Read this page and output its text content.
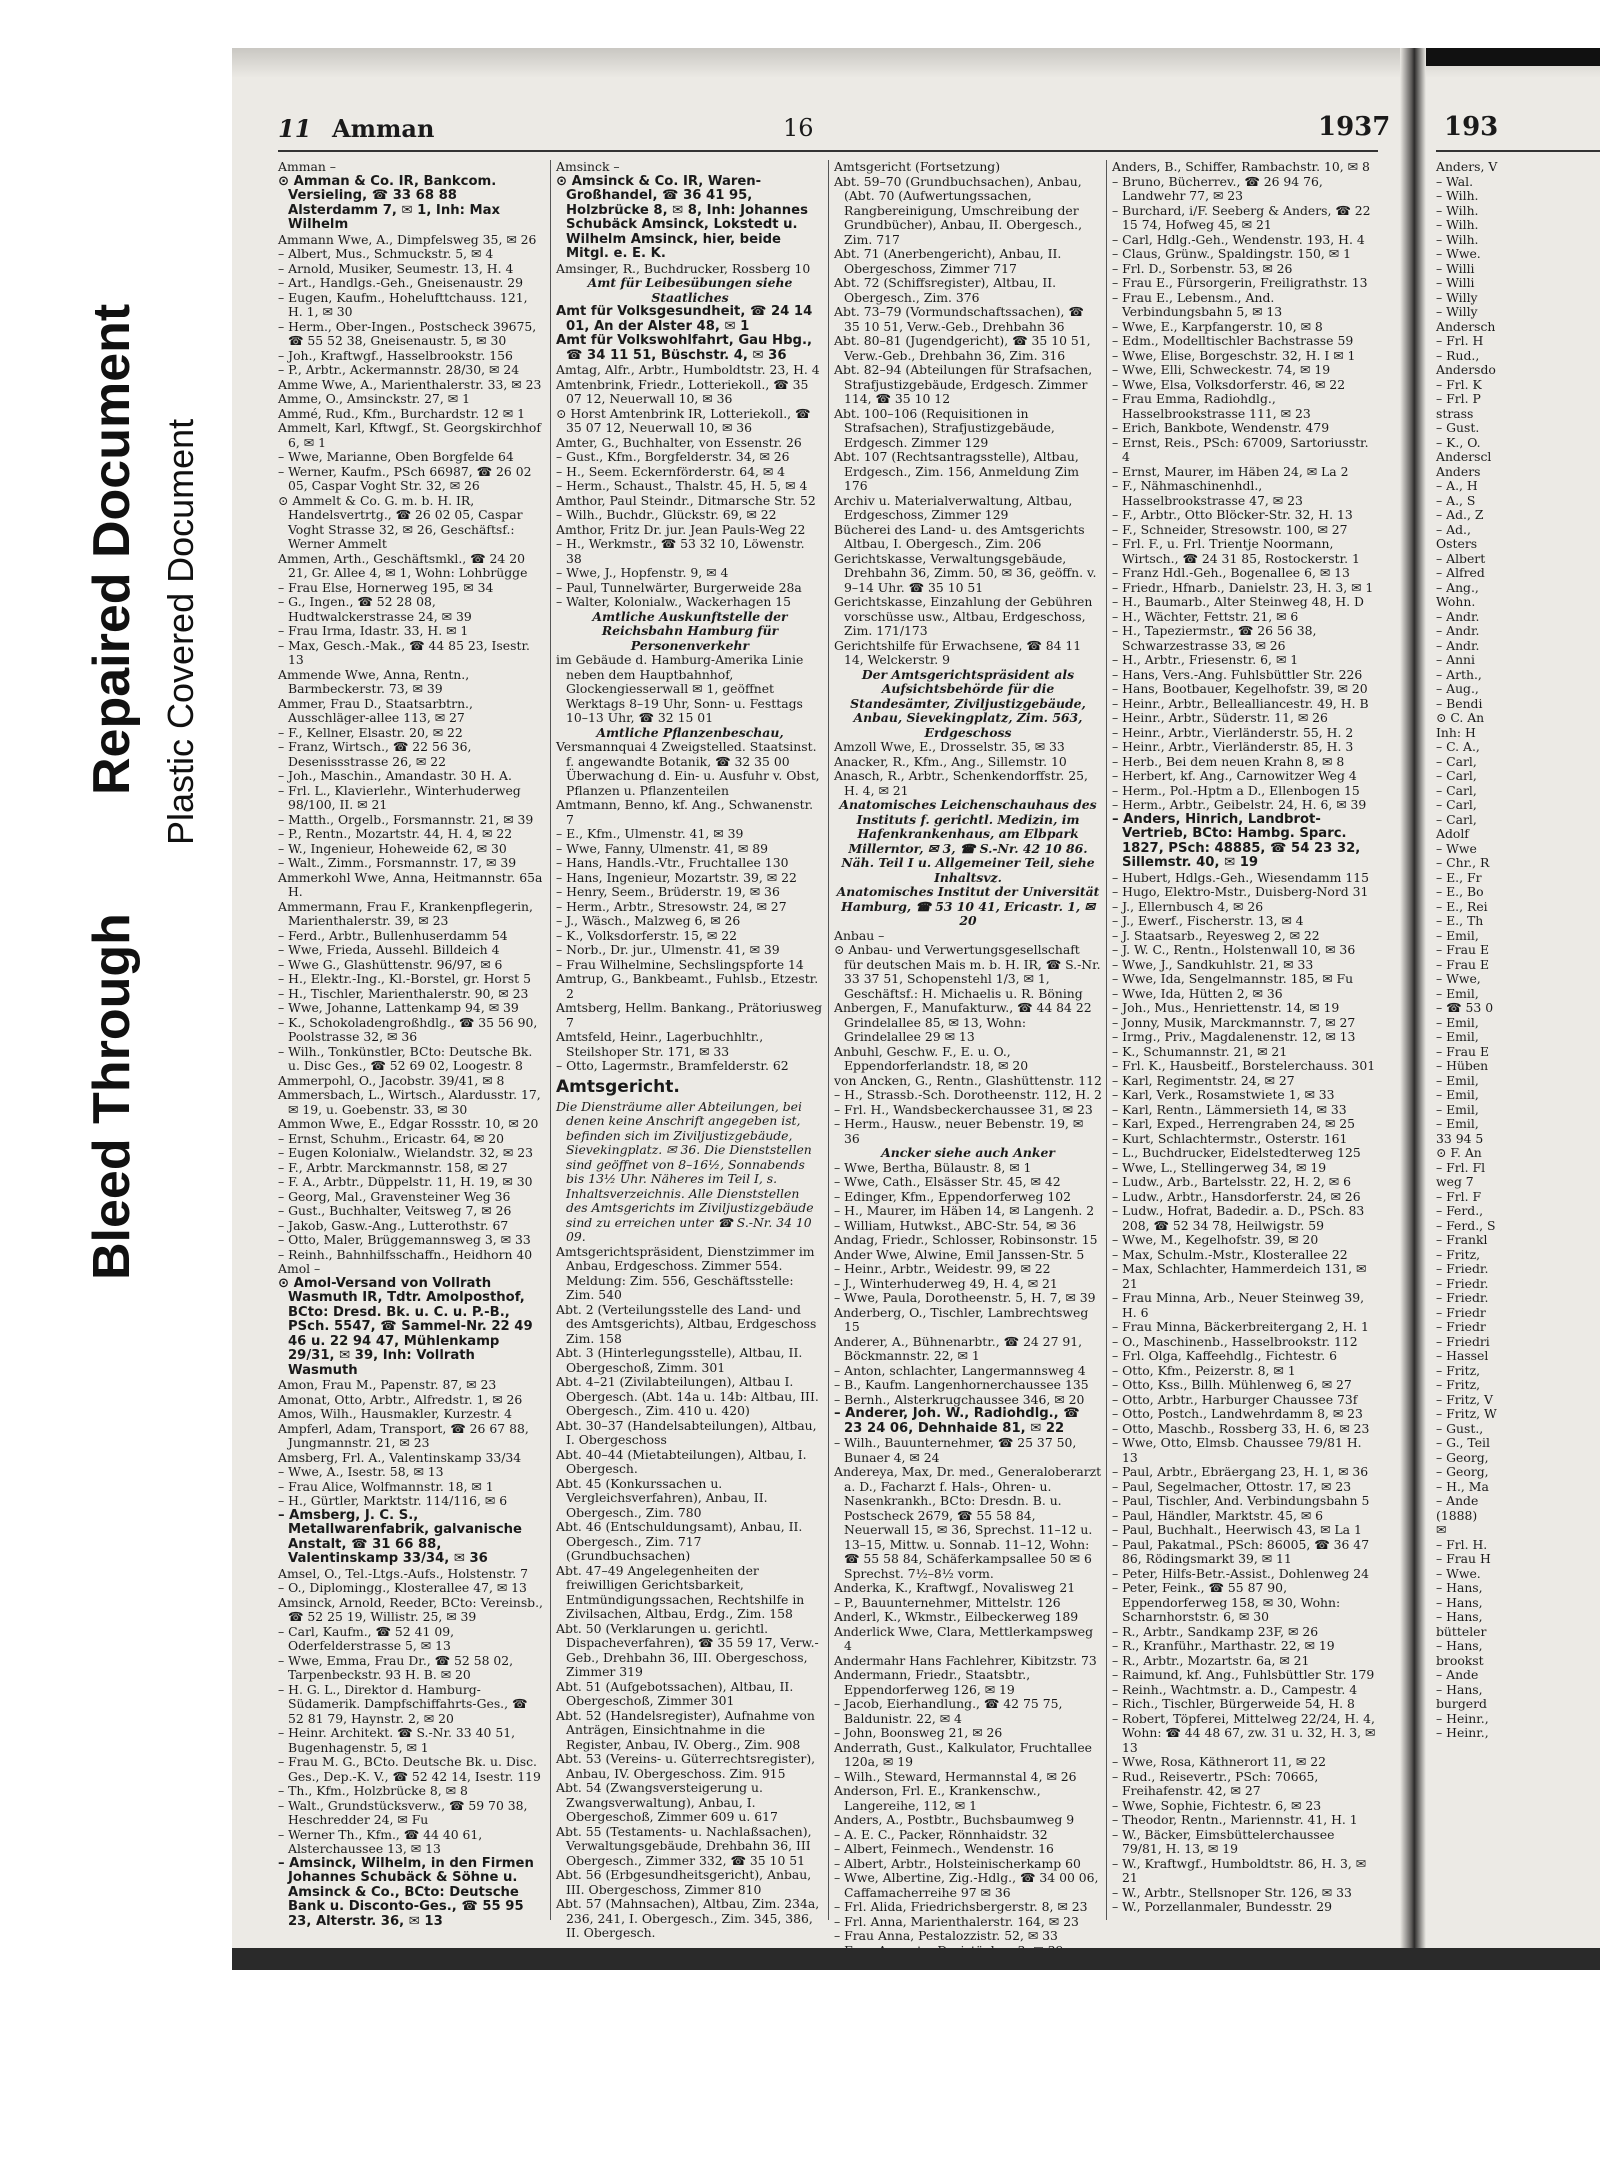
Bleed Through
Repaired Document Plastic Covered Document
11 Amman	16	1937

Amman –

⊙ Amman & Co. IR, Bankcom. Versieling, ☎ 33 68 88 Alsterdamm 7, ✉ 1, Inh: Max Wilhelm

Ammann Wwe, A., Dimpfelsweg 35, ✉ 26

– Albert, Mus., Schmuckstr. 5, ✉ 4

– Arnold, Musiker, Seumestr. 13, H. 4

– Art., Handlgs.-Geh., Gneisenaustr. 29

– Eugen, Kaufm., Hohelufttchauss. 121, H. 1, ✉ 30

– Herm., Ober-Ingen., Postscheck 39675, ☎ 55 52 38, Gneisenaustr. 5, ✉ 30

– Joh., Kraftwgf., Hasselbrookstr. 156

– P., Arbtr., Ackermannstr. 28/30, ✉ 24

Amme Wwe, A., Marienthalerstr. 33, ✉ 23

Amme, O., Amsinckstr. 27, ✉ 1

Ammé, Rud., Kfm., Burchardstr. 12 ✉ 1

Ammelt, Karl, Kftwgf., St. Georgskirchhof 6, ✉ 1

– Wwe, Marianne, Oben Borgfelde 64

– Werner, Kaufm., PSch 66987, ☎ 26 02 05, Caspar Voght Str. 32, ✉ 26

⊙ Ammelt & Co. G. m. b. H. IR, Handelsvertrtg., ☎ 26 02 05, Caspar Voght Strasse 32, ✉ 26, Geschäftsf.: Werner Ammelt

Ammen, Arth., Geschäftsmkl., ☎ 24 20 21, Gr. Allee 4, ✉ 1, Wohn: Lohbrügge

– Frau Else, Hornerweg 195, ✉ 34

– G., Ingen., ☎ 52 28 08, Hudtwalckerstrasse 24, ✉ 39

– Frau Irma, Idastr. 33, H. ✉ 1

– Max, Gesch.-Mak., ☎ 44 85 23, Isestr. 13

Ammende Wwe, Anna, Rentn., Barmbeckerstr. 73, ✉ 39

Ammer, Frau D., Staatsarbtrn., Ausschläger-allee 113, ✉ 27

– F., Kellner, Elsastr. 20, ✉ 22

– Franz, Wirtsch., ☎ 22 56 36, Desenissstrasse 26, ✉ 22

– Joh., Maschin., Amandastr. 30 H. A.

– Frl. L., Klavierlehr., Winterhuderweg 98/100, II. ✉ 21

– Matth., Orgelb., Forsmannstr. 21, ✉ 39

– P., Rentn., Mozartstr. 44, H. 4, ✉ 22

– W., Ingenieur, Hoheweide 62, ✉ 30

– Walt., Zimm., Forsmannstr. 17, ✉ 39

Ammerkohl Wwe, Anna, Heitmannstr. 65a H.

Ammermann, Frau F., Krankenpflegerin, Marienthalerstr. 39, ✉ 23

– Ferd., Arbtr., Bullenhuserdamm 54

– Wwe, Frieda, Aussehl. Billdeich 4

– Wwe G., Glashüttenstr. 96/97, ✉ 6

– H., Elektr.-Ing., Kl.-Borstel, gr. Horst 5

– H., Tischler, Marienthalerstr. 90, ✉ 23

– Wwe, Johanne, Lattenkamp 94, ✉ 39

– K., Schokoladengroßhdlg., ☎ 35 56 90, Poolstrasse 32, ✉ 36

– Wilh., Tonkünstler, BCto: Deutsche Bk. u. Disc Ges., ☎ 52 69 02, Loogestr. 8

Ammerpohl, O., Jacobstr. 39/41, ✉ 8

Ammersbach, L., Wirtsch., Alardusstr. 17, ✉ 19, u. Goebenstr. 33, ✉ 30

Ammon Wwe, E., Edgar Rossstr. 10, ✉ 20

– Ernst, Schuhm., Ericastr. 64, ✉ 20

– Eugen Kolonialw., Wielandstr. 32, ✉ 23

– F., Arbtr. Marckmannstr. 158, ✉ 27

– F. A., Arbtr., Düppelstr. 11, H. 19, ✉ 30

– Georg, Mal., Gravensteiner Weg 36

– Gust., Buchhalter, Veitsweg 7, ✉ 26

– Jakob, Gasw.-Ang., Lutterothstr. 67

– Otto, Maler, Brüggemannsweg 3, ✉ 33

– Reinh., Bahnhilfsschaffn., Heidhorn 40

Amol –

⊙ Amol-Versand von Vollrath Wasmuth IR, Tdtr. Amolposthof, BCto: Dresd. Bk. u. C. u. P.-B., PSch. 5547, ☎ Sammel-Nr. 22 49 46 u. 22 94 47, Mühlenkamp 29/31, ✉ 39, Inh: Vollrath Wasmuth

Amon, Frau M., Papenstr. 87, ✉ 23

Amonat, Otto, Arbtr., Alfredstr. 1, ✉ 26

Amos, Wilh., Hausmakler, Kurzestr. 4

Ampferl, Adam, Transport, ☎ 26 67 88, Jungmannstr. 21, ✉ 23

Amsberg, Frl. A., Valentinskamp 33/34

– Wwe, A., Isestr. 58, ✉ 13

– Frau Alice, Wolfmannstr. 18, ✉ 1

– H., Gürtler, Marktstr. 114/116, ✉ 6

– Amsberg, J. C. S., Metallwarenfabrik, galvanische Anstalt, ☎ 31 66 88, Valentinskamp 33/34, ✉ 36

Amsel, O., Tel.-Ltgs.-Aufs., Holstenstr. 7

– O., Diplomingg., Klosterallee 47, ✉ 13

Amsinck, Arnold, Reeder, BCto: Vereinsb., ☎ 52 25 19, Willistr. 25, ✉ 39

– Carl, Kaufm., ☎ 52 41 09, Oderfelderstrasse 5, ✉ 13

– Wwe, Emma, Frau Dr., ☎ 52 58 02, Tarpenbeckstr. 93 H. B. ✉ 20

– H. G. L., Direktor d. Hamburg-Südamerik. Dampfschiffahrts-Ges., ☎ 52 81 79, Haynstr. 2, ✉ 20

– Heinr. Architekt. ☎ S.-Nr. 33 40 51, Bugenhagenstr. 5, ✉ 1

– Frau M. G., BCto. Deutsche Bk. u. Disc. Ges., Dep.-K. V., ☎ 52 42 14, Isestr. 119

– Th., Kfm., Holzbrücke 8, ✉ 8

– Walt., Grundstücksverw., ☎ 59 70 38, Heschredder 24, ✉ Fu

– Werner Th., Kfm., ☎ 44 40 61, Alsterchaussee 13, ✉ 13

– Amsinck, Wilhelm, in den Firmen Johannes Schubäck & Söhne u. Amsinck & Co., BCto: Deutsche Bank u. Disconto-Ges., ☎ 55 95 23, Alterstr. 36, ✉ 13

Amsinck –

⊙ Amsinck & Co. IR, Waren-Großhandel, ☎ 36 41 95, Holzbrücke 8, ✉ 8, Inh: Johannes Schubäck Amsinck, Lokstedt u. Wilhelm Amsinck, hier, beide Mitgl. e. E. K.

Amsinger, R., Buchdrucker, Rossberg 10

Amt für Leibesübungen siehe Staatliches

Amt für Volksgesundheit, ☎ 24 14 01, An der Alster 48, ✉ 1

Amt für Volkswohlfahrt, Gau Hbg., ☎ 34 11 51, Büschstr. 4, ✉ 36

Amtag, Alfr., Arbtr., Humboldtstr. 23, H. 4

Amtenbrink, Friedr., Lotteriekoll., ☎ 35 07 12, Neuerwall 10, ✉ 36

⊙ Horst Amtenbrink IR, Lotteriekoll., ☎ 35 07 12, Neuerwall 10, ✉ 36

Amter, G., Buchhalter, von Essenstr. 26

– Gust., Kfm., Borgfelderstr. 34, ✉ 26

– H., Seem. Eckernförderstr. 64, ✉ 4

– Herm., Schaust., Thalstr. 45, H. 5, ✉ 4

Amthor, Paul Steindr., Ditmarsche Str. 52

– Wilh., Buchdr., Glückstr. 69, ✉ 22

Amthor, Fritz Dr. jur. Jean Pauls-Weg 22

– H., Werkmstr., ☎ 53 32 10, Löwenstr. 38

– Wwe, J., Hopfenstr. 9, ✉ 4

– Paul, Tunnelwärter, Burgerweide 28a

– Walter, Kolonialw., Wackerhagen 15

Amtliche Auskunftstelle der Reichsbahn Hamburg für Personenverkehr

im Gebäude d. Hamburg-Amerika Linie neben dem Hauptbahnhof, Glockengiesserwall ✉ 1, geöffnet Werktags 8–19 Uhr, Sonn- u. Festtags 10–13 Uhr, ☎ 32 15 01

Amtliche Pflanzenbeschau,

Versmannquai 4 Zweigstelled. Staatsinst. f. angewandte Botanik, ☎ 32 35 00 Überwachung d. Ein- u. Ausfuhr v. Obst, Pflanzen u. Pflanzenteilen

Amtmann, Benno, kf. Ang., Schwanenstr. 7

– E., Kfm., Ulmenstr. 41, ✉ 39

– Wwe, Fanny, Ulmenstr. 41, ✉ 89

– Hans, Handls.-Vtr., Fruchtallee 130

– Hans, Ingenieur, Mozartstr. 39, ✉ 22

– Henry, Seem., Brüderstr. 19, ✉ 36

– Herm., Arbtr., Stresowstr. 24, ✉ 27

– J., Wäsch., Malzweg 6, ✉ 26

– K., Volksdorferstr. 15, ✉ 22

– Norb., Dr. jur., Ulmenstr. 41, ✉ 39

– Frau Wilhelmine, Sechslingspforte 14

Amtrup, G., Bankbeamt., Fuhlsb., Etzestr. 2

Amtsberg, Hellm. Bankang., Prätoriusweg 7

Amtsfeld, Heinr., Lagerbuchhltr., Steilshoper Str. 171, ✉ 33

– Otto, Lagermstr., Bramfelderstr. 62

Amtsgericht.

Die Diensträume aller Abteilungen, bei denen keine Anschrift angegeben ist, befinden sich im Ziviljustizgebäude, Sievekingplatz. ✉ 36. Die Dienststellen sind geöffnet von 8–16½, Sonnabends bis 13½ Uhr. Näheres im Teil I, s. Inhaltsverzeichnis. Alle Dienststellen des Amtsgerichts im Ziviljustizgebäude sind zu erreichen unter ☎ S.-Nr. 34 10 09.

Amtsgerichtspräsident, Dienstzimmer im Anbau, Erdgeschoss. Zimmer 554. Meldung: Zim. 556, Geschäftsstelle: Zim. 540

Abt. 2 (Verteilungsstelle des Land- und des Amtsgerichts), Altbau, Erdgeschoss Zim. 158

Abt. 3 (Hinterlegungsstelle), Altbau, II. Obergeschoß, Zimm. 301

Abt. 4–21 (Zivilabteilungen), Altbau I. Obergesch. (Abt. 14a u. 14b: Altbau, III. Obergesch., Zim. 410 u. 420)

Abt. 30–37 (Handelsabteilungen), Altbau, I. Obergeschoss

Abt. 40–44 (Mietabteilungen), Altbau, I. Obergesch.

Abt. 45 (Konkurssachen u. Vergleichsverfahren), Anbau, II. Obergesch., Zim. 780

Abt. 46 (Entschuldungsamt), Anbau, II. Obergesch., Zim. 717 (Grundbuchsachen)

Abt. 47–49 Angelegenheiten der freiwilligen Gerichtsbarkeit, Entmündigungssachen, Rechtshilfe in Zivilsachen, Altbau, Erdg., Zim. 158

Abt. 50 (Verklarungen u. gerichtl. Dispacheverfahren), ☎ 35 59 17, Verw.-Geb., Drehbahn 36, III. Obergeschoss, Zimmer 319

Abt. 51 (Aufgebotssachen), Altbau, II. Obergeschoß, Zimmer 301

Abt. 52 (Handelsregister), Aufnahme von Anträgen, Einsichtnahme in die Register, Anbau, IV. Oberg., Zim. 908

Abt. 53 (Vereins- u. Güterrechtsregister), Anbau, IV. Obergeschoss. Zim. 915

Abt. 54 (Zwangsversteigerung u. Zwangsverwaltung), Anbau, I. Obergeschoß, Zimmer 609 u. 617

Abt. 55 (Testaments- u. Nachlaßsachen), Verwaltungsgebäude, Drehbahn 36, III Obergesch., Zimmer 332, ☎ 35 10 51

Abt. 56 (Erbgesundheitsgericht), Anbau, III. Obergeschoss, Zimmer 810

Abt. 57 (Mahnsachen), Altbau, Zim. 234a, 236, 241, I. Obergesch., Zim. 345, 386, II. Obergesch.

Amtsgericht (Fortsetzung)

Abt. 59–70 (Grundbuchsachen), Anbau, (Abt. 70 (Aufwertungssachen, Rangbereinigung, Umschreibung der Grundbücher), Anbau, II. Obergesch., Zim. 717

Abt. 71 (Anerbengericht), Anbau, II. Obergeschoss, Zimmer 717

Abt. 72 (Schiffsregister), Altbau, II. Obergesch., Zim. 376

Abt. 73–79 (Vormundschaftssachen), ☎ 35 10 51, Verw.-Geb., Drehbahn 36

Abt. 80–81 (Jugendgericht), ☎ 35 10 51, Verw.-Geb., Drehbahn 36, Zim. 316

Abt. 82–94 (Abteilungen für Strafsachen, Strafjustizgebäude, Erdgesch. Zimmer 114, ☎ 35 10 12

Abt. 100–106 (Requisitionen in Strafsachen), Strafjustizgebäude, Erdgesch. Zimmer 129

Abt. 107 (Rechtsantragsstelle), Altbau, Erdgesch., Zim. 156, Anmeldung Zim 176

Archiv u. Materialverwaltung, Altbau, Erdgeschoss, Zimmer 129

Bücherei des Land- u. des Amtsgerichts Altbau, I. Obergesch., Zim. 206

Gerichtskasse, Verwaltungsgebäude, Drehbahn 36, Zimm. 50, ✉ 36, geöffn. v. 9–14 Uhr. ☎ 35 10 51

Gerichtskasse, Einzahlung der Gebühren vorschüsse usw., Altbau, Erdgeschoss, Zim. 171/173

Gerichtshilfe für Erwachsene, ☎ 84 11 14, Welckerstr. 9

Der Amtsgerichtspräsident als Aufsichtsbehörde für die Standesämter, Ziviljustizgebäude, Anbau, Sievekingplatz, Zim. 563, Erdgeschoss

Amzoll Wwe, E., Drosselstr. 35, ✉ 33

Anacker, R., Kfm., Ang., Sillemstr. 10

Anasch, R., Arbtr., Schenkendorffstr. 25, H. 4, ✉ 21

Anatomisches Leichenschauhaus des Instituts f. gerichtl. Medizin, im Hafenkrankenhaus, am Elbpark Millerntor, ✉ 3, ☎ S.-Nr. 42 10 86. Näh. Teil I u. Allgemeiner Teil, siehe Inhaltsvz.

Anatomisches Institut der Universität Hamburg, ☎ 53 10 41, Ericastr. 1, ✉ 20

Anbau –

⊙ Anbau- und Verwertungsgesellschaft für deutschen Mais m. b. H. IR, ☎ S.-Nr. 33 37 51, Schopenstehl 1/3, ✉ 1, Geschäftsf.: H. Michaelis u. R. Böning

Anbergen, F., Manufakturw., ☎ 44 84 22 Grindelallee 85, ✉ 13, Wohn: Grindelallee 29 ✉ 13

Anbuhl, Geschw. F., E. u. O., Eppendorferlandstr. 18, ✉ 20

von Ancken, G., Rentn., Glashüttenstr. 112

– H., Strassb.-Sch. Dorotheenstr. 112, H. 2

– Frl. H., Wandsbeckerchaussee 31, ✉ 23

– Herm., Hausw., neuer Bebenstr. 19, ✉ 36

Ancker siehe auch Anker

– Wwe, Bertha, Bülaustr. 8, ✉ 1

– Wwe, Cath., Elsässer Str. 45, ✉ 42

– Edinger, Kfm., Eppendorferweg 102

– H., Maurer, im Häben 14, ✉ Langenh. 2

– William, Hutwkst., ABC-Str. 54, ✉ 36

Andag, Friedr., Schlosser, Robinsonstr. 15

Ander Wwe, Alwine, Emil Janssen-Str. 5

– Heinr., Arbtr., Weidestr. 99, ✉ 22

– J., Winterhuderweg 49, H. 4, ✉ 21

– Wwe, Paula, Dorotheenstr. 5, H. 7, ✉ 39

Anderberg, O., Tischler, Lambrechtsweg 15

Anderer, A., Bühnenarbtr., ☎ 24 27 91, Böckmannstr. 22, ✉ 1

– Anton, schlachter, Langermannsweg 4

– B., Kaufm. Langenhornerchaussee 135

– Bernh., Alsterkrugchaussee 346, ✉ 20

– Anderer, Joh. W., Radiohdlg., ☎ 23 24 06, Dehnhaide 81, ✉ 22

– Wilh., Bauunternehmer, ☎ 25 37 50, Bunaer 4, ✉ 24

Andereya, Max, Dr. med., Generaloberarzt a. D., Facharzt f. Hals-, Ohren- u. Nasenkrankh., BCto: Dresdn. B. u. Postscheck 2679, ☎ 55 58 84, Neuerwall 15, ✉ 36, Sprechst. 11–12 u. 13–15, Mittw. u. Sonnab. 11–12, Wohn: ☎ 55 58 84, Schäferkampsallee 50 ✉ 6 Sprechst. 7½–8½ vorm.

Anderka, K., Kraftwgf., Novalisweg 21

– P., Bauunternehmer, Mittelstr. 126

Anderl, K., Wkmstr., Eilbeckerweg 189

Anderlick Wwe, Clara, Mettlerkampsweg 4

Andermahr Hans Fachlehrer, Kibitzstr. 73

Andermann, Friedr., Staatsbtr., Eppendorferweg 126, ✉ 19

– Jacob, Eierhandlung., ☎ 42 75 75, Baldunistr. 22, ✉ 4

– John, Boonsweg 21, ✉ 26

Anderrath, Gust., Kalkulator, Fruchtallee 120a, ✉ 19

– Wilh., Steward, Hermannstal 4, ✉ 26

Anderson, Frl. E., Krankenschw., Langereihe, 112, ✉ 1

Anders, A., Postbtr., Buchsbaumweg 9

– A. E. C., Packer, Rönnhaidstr. 32

– Albert, Feinmech., Wendenstr. 16

– Albert, Arbtr., Holsteinischerkamp 60

– Wwe, Albertine, Zig.-Hdlg., ☎ 34 00 06, Caffamacherreihe 97 ✉ 36

– Frl. Alida, Friedrichsbergerstr. 8, ✉ 23

– Frl. Anna, Marienthalerstr. 164, ✉ 23

– Frau Anna, Pestalozzistr. 52, ✉ 33

Anders, B., Schiffer, Rambachstr. 10, ✉ 8

– Bruno, Bücherrev., ☎ 26 94 76, Landwehr 77, ✉ 23

– Burchard, i/F. Seeberg & Anders, ☎ 22 15 74, Hofweg 45, ✉ 21

– Carl, Hdlg.-Geh., Wendenstr. 193, H. 4

– Claus, Grünw., Spaldingstr. 150, ✉ 1

– Frl. D., Sorbenstr. 53, ✉ 26

– Frau E., Fürsorgerin, Freiligrathstr. 13

– Frau E., Lebensm., And. Verbindungsbahn 5, ✉ 13

– Wwe, E., Karpfangerstr. 10, ✉ 8

– Edm., Modelltischler Bachstrasse 59

– Wwe, Elise, Borgeschstr. 32, H. I ✉ 1

– Wwe, Elli, Schweckestr. 74, ✉ 19

– Wwe, Elsa, Volksdorferstr. 46, ✉ 22

– Frau Emma, Radiohdlg., Hasselbrookstrasse 111, ✉ 23

– Erich, Bankbote, Wendenstr. 479

– Ernst, Reis., PSch: 67009, Sartoriusstr. 4

– Ernst, Maurer, im Häben 24, ✉ La 2

– F., Nähmaschinenhdl., Hasselbrookstrasse 47, ✉ 23

– F., Arbtr., Otto Blöcker-Str. 32, H. 13

– F., Schneider, Stresowstr. 100, ✉ 27

– Frl. F., u. Frl. Trientje Noormann, Wirtsch., ☎ 24 31 85, Rostockerstr. 1

– Franz Hdl.-Geh., Bogenallee 6, ✉ 13

– Friedr., Hfnarb., Danielstr. 23, H. 3, ✉ 1

– H., Baumarb., Alter Steinweg 48, H. D

– H., Wächter, Fettstr. 21, ✉ 6

– H., Tapeziermstr., ☎ 26 56 38, Schwarzestrasse 33, ✉ 26

– H., Arbtr., Friesenstr. 6, ✉ 1

– Hans, Vers.-Ang. Fuhlsbüttler Str. 226

– Hans, Bootbauer, Kegelhofstr. 39, ✉ 20

– Heinr., Arbtr., Bellealliancestr. 49, H. B

– Heinr., Arbtr., Süderstr. 11, ✉ 26

– Heinr., Arbtr., Vierländerstr. 55, H. 2

– Heinr., Arbtr., Vierländerstr. 85, H. 3

– Herb., Bei dem neuen Krahn 8, ✉ 8

– Herbert, kf. Ang., Carnowitzer Weg 4

– Herm., Pol.-Hptm a D., Ellenbogen 15

– Herm., Arbtr., Geibelstr. 24, H. 6, ✉ 39

– Anders, Hinrich, Landbrot-Vertrieb, BCto: Hambg. Sparc. 1827, PSch: 48885, ☎ 54 23 32, Sillemstr. 40, ✉ 19

– Hubert, Hdlgs.-Geh., Wiesendamm 115

– Hugo, Elektro-Mstr., Duisberg-Nord 31

– J., Ellernbusch 4, ✉ 26

– J., Ewerf., Fischerstr. 13, ✉ 4

– J. Staatsarb., Reyesweg 2, ✉ 22

– J. W. C., Rentn., Holstenwall 10, ✉ 36

– Wwe, J., Sandkuhlstr. 21, ✉ 33

– Wwe, Ida, Sengelmannstr. 185, ✉ Fu

– Wwe, Ida, Hütten 2, ✉ 36

– Joh., Mus., Henriettenstr. 14, ✉ 19

– Jonny, Musik, Marckmannstr. 7, ✉ 27

– Irmg., Priv., Magdalenenstr. 12, ✉ 13

– K., Schumannstr. 21, ✉ 21

– Frl. K., Hausbeitf., Borstelerchauss. 301

– Karl, Regimentstr. 24, ✉ 27

– Karl, Verk., Rosamstwiete 1, ✉ 33

– Karl, Rentn., Lämmersieth 14, ✉ 33

– Karl, Exped., Herrengraben 24, ✉ 25

– Kurt, Schlachtermstr., Osterstr. 161

– L., Buchdrucker, Eidelstedterweg 125

– Wwe, L., Stellingerweg 34, ✉ 19

– Ludw., Arb., Bartelsstr. 22, H. 2, ✉ 6

– Ludw., Arbtr., Hansdorferstr. 24, ✉ 26

– Ludw., Hofrat, Badedir. a. D., PSch. 83 208, ☎ 52 34 78, Heilwigstr. 59

– Wwe, M., Kegelhofstr. 39, ✉ 20

– Max, Schulm.-Mstr., Klosterallee 22

– Max, Schlachter, Hammerdeich 131, ✉ 21

– Frau Minna, Arb., Neuer Steinweg 39, H. 6

– Frau Minna, Bäckerbreitergang 2, H. 1

– O., Maschinenb., Hasselbrookstr. 112

– Frl. Olga, Kaffeehdlg., Fichtestr. 6

– Otto, Kfm., Peizerstr. 8, ✉ 1

– Otto, Kss., Billh. Mühlenweg 6, ✉ 27

– Otto, Arbtr., Harburger Chaussee 73f

– Otto, Postch., Landwehrdamm 8, ✉ 23

– Otto, Maschb., Rossberg 33, H. 6, ✉ 23

– Wwe, Otto, Elmsb. Chaussee 79/81 H. 13

– Paul, Arbtr., Ebräergang 23, H. 1, ✉ 36

– Paul, Segelmacher, Ottostr. 17, ✉ 23

– Paul, Tischler, And. Verbindungsbahn 5

– Paul, Händler, Marktstr. 45, ✉ 6

– Paul, Buchhalt., Heerwisch 43, ✉ La 1

– Paul, Pakatmal., PSch: 86005, ☎ 36 47 86, Rödingsmarkt 39, ✉ 11

– Peter, Hilfs-Betr.-Assist., Dohlenweg 24

– Peter, Feink., ☎ 55 87 90, Eppendorferweg 158, ✉ 30, Wohn: Scharnhorststr. 6, ✉ 30

– R., Arbtr., Sandkamp 23F, ✉ 26

– R., Kranführ., Marthastr. 22, ✉ 19

– R., Arbtr., Mozartstr. 6a, ✉ 21

– Raimund, kf. Ang., Fuhlsbüttler Str. 179

– Reinh., Wachtmstr. a. D., Campestr. 4

– Rich., Tischler, Bürgerweide 54, H. 8

– Robert, Töpferei, Mittelweg 22/24, H. 4, Wohn: ☎ 44 48 67, zw. 31 u. 32, H. 3, ✉ 13

– Wwe, Rosa, Käthnerort 11, ✉ 22

– Rud., Reisevertr., PSch: 70665, Freihafenstr. 42, ✉ 27

– Wwe, Sophie, Fichtestr. 6, ✉ 23

– Theodor, Rentn., Mariennstr. 41, H. 1

– W., Bäcker, Eimsbüttelerchaussee 79/81, H. 13, ✉ 19

– W., Kraftwgf., Humboldtstr. 86, H. 3, ✉ 21

– W., Arbtr., Stellsnoper Str. 126, ✉ 33

– W., Porzellanmaler, Bundesstr. 29

193

Anders, V

– Wal.

– Wilh.

– Wilh.

– Wilh.

– Wilh.

– Wwe.

– Willi

– Willi

– Willy

– Willy

Andersch

– Frl. H

– Rud.,

Andersdo

– Frl. K

– Frl. P

strass

– Gust.

– K., O.

Anderscl

Anders

– A., H

– A., S

– Ad., Z

– Ad.,

Osters

– Albert

– Alfred

– Ang.,

Wohn.

– Andr.

– Andr.

– Andr.

– Anni

– Arth.,

– Aug.,

– Bendi

⊙ C. An

Inh: H

– C. A.,

– Carl,

– Carl,

– Carl,

– Carl,

– Carl,

Adolf

– Wwe

– Chr., R

– E., Fr

– E., Bo

– E., Rei

– E., Th

– Emil,

– Frau E

– Frau E

– Wwe,

– Emil,

– ☎ 53 0

– Emil,

– Emil,

– Frau E

– Hüben

– Emil,

– Emil,

– Emil,

– Emil,

33 94 5

⊙ F. An

– Frl. Fl

weg 7

– Frl. F

– Ferd.,

– Ferd., S

– Frankl

– Fritz,

– Friedr.

– Friedr.

– Friedr.

– Friedr

– Friedr

– Friedri

– Hassel

– Fritz,

– Fritz,

– Fritz, V

– Fritz, W

– Gust.,

– G., Teil

– Georg,

– Georg,

– H., Ma

– Ande

(1888)

✉

– Frl. H.

– Frau H

– Wwe.

– Hans,

– Hans,

– Hans,

bütteler

– Hans,

brookst

– Ande

– Hans,

burgerd

– Heinr.,

– Heinr.,
